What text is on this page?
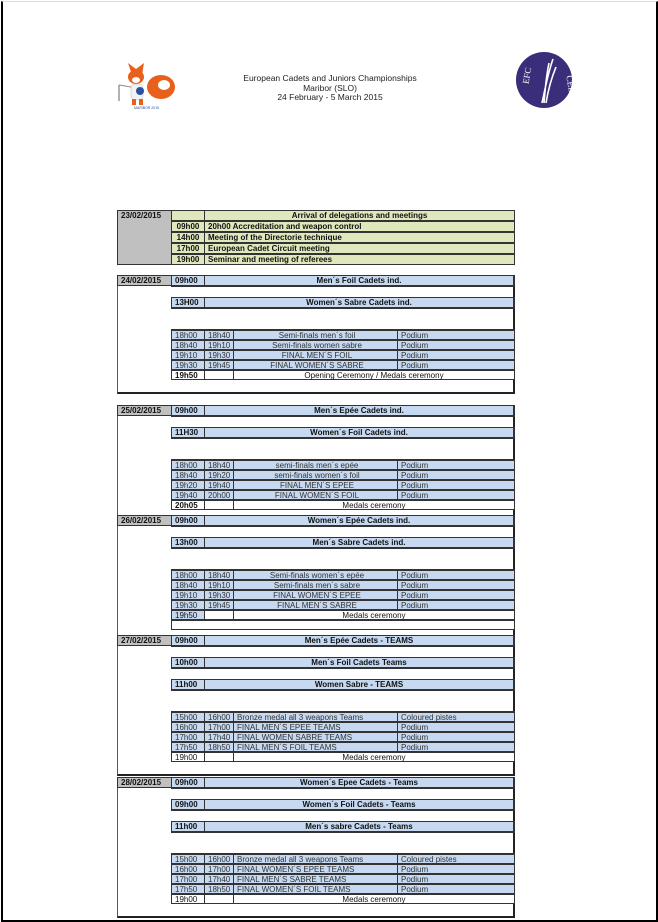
MARIBOR 2015
European Cadets and Juniors Championships
Maribor (SLO)
24 February - 5 March 2015
EFC	CEE
23/02/2015	Arrival of delegations and meetings
09h00	20h00 Accreditation and weapon control
14h00	Meeting of the Directorie technique
17h00	European Cadet Circuit meeting
19h00	Seminar and meeting of referees
24/02/2015	09h00	Men´s Foil Cadets ind.
13H00	Women´s Sabre Cadets ind.
18h00	18h40	Semi-finals men´s foil	Podium
18h40	19h10	Semi-finals women sabre	Podium
19h10	19h30	FINAL MEN´S FOIL	Podium
19h30	19h45	FINAL WOMEN´S SABRE	Podium
19h50	Opening Ceremony / Medals ceremony
25/02/2015	09h00	Men´s Epée Cadets ind.
11H30	Women´s Foil Cadets ind.
18h00	18h40	semi-finals men´s epée	Podium
18h40	19h20	semi-finals women´s foil	Podium
19h20	19h40	FINAL MEN´S EPEE	Podium
19h40	20h00	FINAL WOMEN´S FOIL	Podium
20h05	Medals ceremony
26/02/2015	09h00	Women´s Epée Cadets ind.
13h00	Men´s Sabre Cadets ind.
18h00	18h40	Semi-finals women´s epée	Podium
18h40	19h10	Semi-finals men´s sabre	Podium
19h10	19h30	FINAL WOMEN´S EPEE	Podium
19h30	19h45	FINAL MEN´S SABRE	Podium
19h50	Medals ceremony
27/02/2015	09h00	Men´s Epée Cadets - TEAMS
10h00	Men´s Foil Cadets Teams
11h00	Women Sabre - TEAMS
15h00	16h00 Bronze medal all 3 weapons Teams	Coloured pistes
16h00	17h00 FINAL MEN´S EPEE TEAMS	Podium
17h00	17h40 FINAL WOMEN SABRE TEAMS	Podium
17h50	18h50 FINAL MEN´S FOIL TEAMS	Podium
19h00	Medals ceremony
28/02/2015	09h00	Women´s Epee Cadets - Teams
09h00	Women´s Foil Cadets - Teams
11h00	Men´s sabre Cadets - Teams
15h00	16h00 Bronze medal all 3 weapons Teams	Coloured pistes
16h00	17h00 FINAL WOMEN´S EPEE TEAMS	Podium
17h00	17h40 FINAL MEN´S SABRE TEAMS	Podium
17h50	18h50 FINAL WOMEN´S FOIL TEAMS	Podium
19h00	Medals ceremony
